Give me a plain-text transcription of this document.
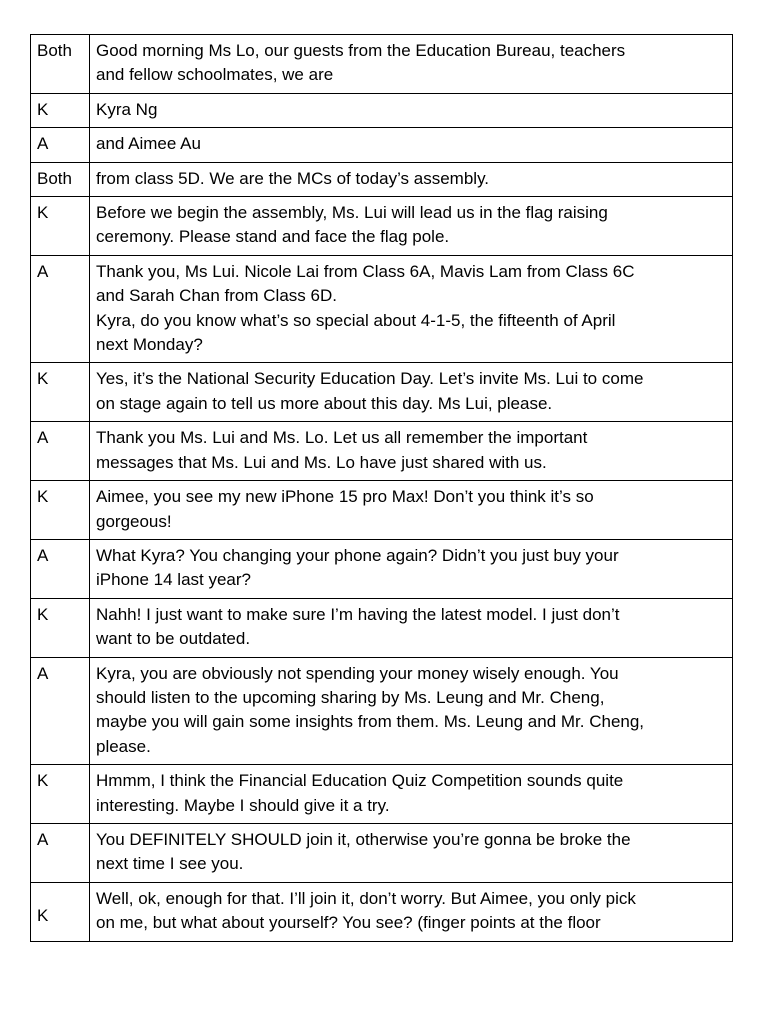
Both	Good morning Ms Lo, our guests from the Education Bureau, teachers
and fellow schoolmates, we are
K	Kyra Ng
A	and Aimee Au
Both	from class 5D. We are the MCs of today’s assembly.
K	Before we begin the assembly, Ms. Lui will lead us in the flag raising
ceremony. Please stand and face the flag pole.
A	Thank you, Ms Lui. Nicole Lai from Class 6A, Mavis Lam from Class 6C
and Sarah Chan from Class 6D.
Kyra, do you know what’s so special about 4-1-5, the fifteenth of April
next Monday?
K	Yes, it’s the National Security Education Day. Let’s invite Ms. Lui to come
on stage again to tell us more about this day. Ms Lui, please.
A	Thank you Ms. Lui and Ms. Lo. Let us all remember the important
messages that Ms. Lui and Ms. Lo have just shared with us.
K	Aimee, you see my new iPhone 15 pro Max! Don’t you think it’s so
gorgeous!
A	What Kyra? You changing your phone again? Didn’t you just buy your
iPhone 14 last year?
K	Nahh! I just want to make sure I’m having the latest model. I just don’t
want to be outdated.
A	Kyra, you are obviously not spending your money wisely enough. You
should listen to the upcoming sharing by Ms. Leung and Mr. Cheng,
maybe you will gain some insights from them. Ms. Leung and Mr. Cheng,
please.
K	Hmmm, I think the Financial Education Quiz Competition sounds quite
interesting. Maybe I should give it a try.
A	You DEFINITELY SHOULD join it, otherwise you’re gonna be broke the
next time I see you.
K	Well, ok, enough for that. I’ll join it, don’t worry. But Aimee, you only pick
on me, but what about yourself? You see? (finger points at the floor
